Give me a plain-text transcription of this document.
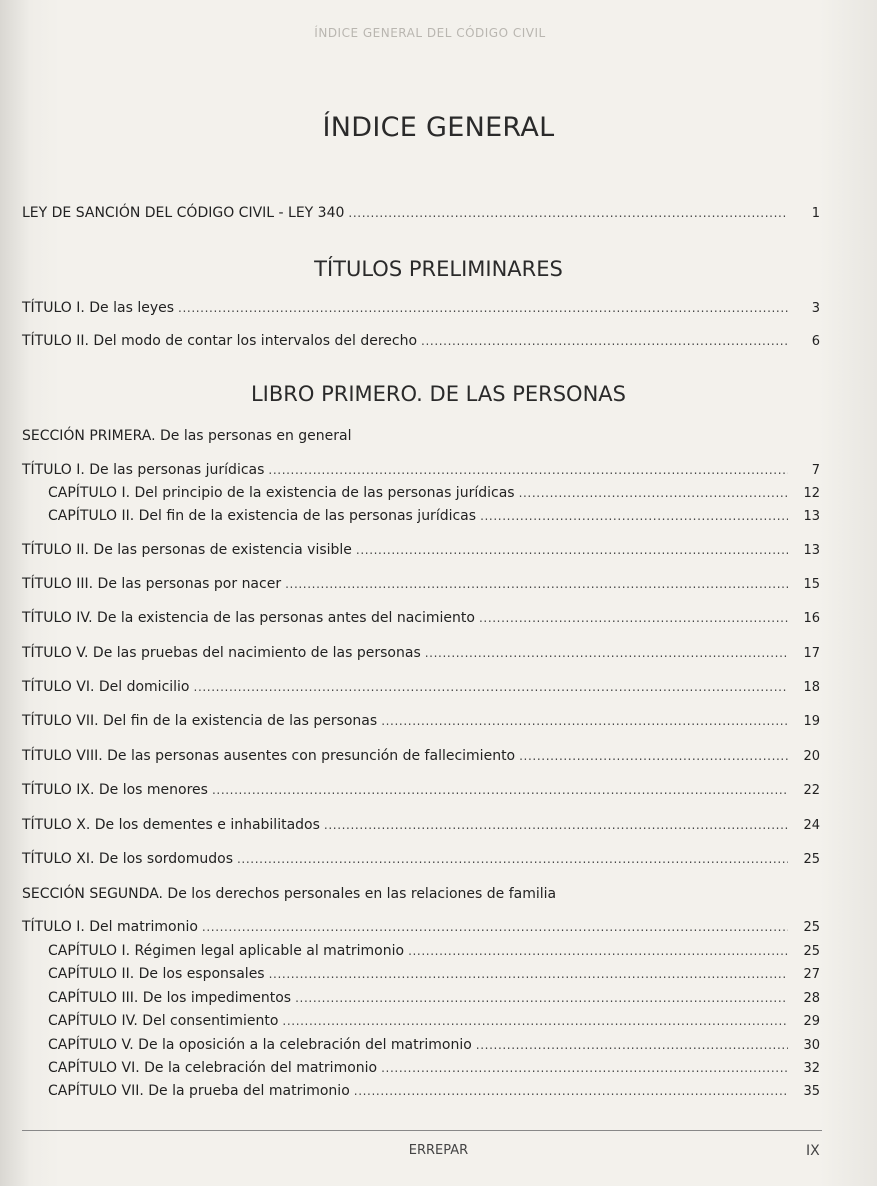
ÍNDICE GENERAL DEL CÓDIGO CIVIL
ÍNDICE GENERAL
LEY DE SANCIÓN DEL CÓDIGO CIVIL - LEY 340 . . .	1
TÍTULOS PRELIMINARES
TÍTULO I. De las leyes . . .	3
TÍTULO II. Del modo de contar los intervalos del derecho . . .	6
LIBRO PRIMERO. DE LAS PERSONAS
SECCIÓN PRIMERA. De las personas en general
TÍTULO I. De las personas jurídicas . . .	7
CAPÍTULO I. Del principio de la existencia de las personas jurídicas . . .	12
CAPÍTULO II. Del fin de la existencia de las personas jurídicas . . .	13
TÍTULO II. De las personas de existencia visible . . .	13
TÍTULO III. De las personas por nacer . . .	15
TÍTULO IV. De la existencia de las personas antes del nacimiento . . .	16
TÍTULO V. De las pruebas del nacimiento de las personas . . .	17
TÍTULO VI. Del domicilio . . .	18
TÍTULO VII. Del fin de la existencia de las personas . . .	19
TÍTULO VIII. De las personas ausentes con presunción de fallecimiento . . .	20
TÍTULO IX. De los menores . . .	22
TÍTULO X. De los dementes e inhabilitados . . .	24
TÍTULO XI. De los sordomudos . . .	25
SECCIÓN SEGUNDA. De los derechos personales en las relaciones de familia
TÍTULO I. Del matrimonio . . .	25
CAPÍTULO I. Régimen legal aplicable al matrimonio . . .	25
CAPÍTULO II. De los esponsales . . .	27
CAPÍTULO III. De los impedimentos . . .	28
CAPÍTULO IV. Del consentimiento . . .	29
CAPÍTULO V. De la oposición a la celebración del matrimonio . . .	30
CAPÍTULO VI. De la celebración del matrimonio . . .	32
CAPÍTULO VII. De la prueba del matrimonio . . .	35
ERREPAR	IX
